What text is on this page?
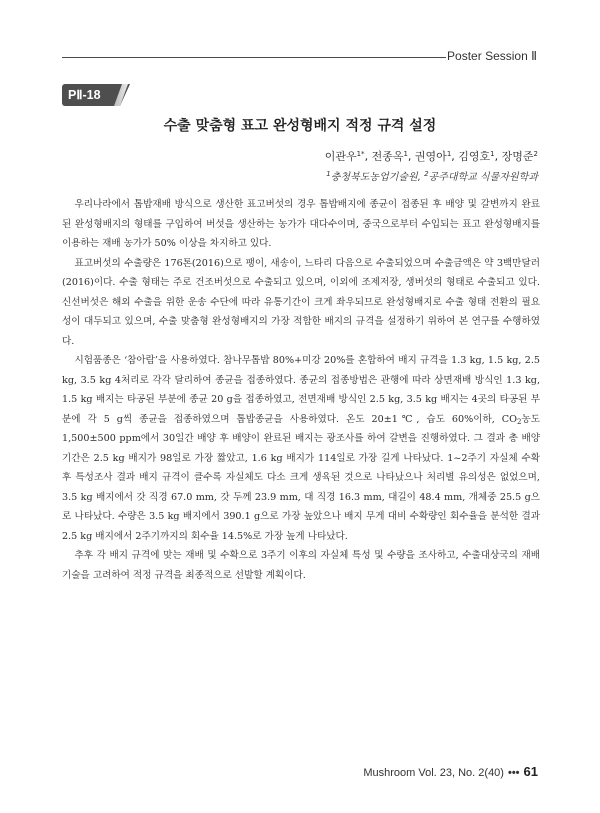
Poster Session Ⅱ
PⅡ-18
수출 맞춤형 표고 완성형배지 적정 규격 설정
이관우$^{1*}$, 전종옥$^1$, 권영아$^1$, 김영호$^1$, 장명준$^2$
$^1$충청북도농업기술원, $^2$공주대학교 식물자원학과

우리나라에서 톱밥재배 방식으로 생산한 표고버섯의 경우 톱밥배지에 종균이 접종된 후 배양 및 갈변까지 완료된 완성형배지의 형태를 구입하여 버섯을 생산하는 농가가 대다수이며, 중국으로부터 수입되는 표고 완성형배지를 이용하는 재배 농가가 50% 이상을 차지하고 있다.

표고버섯의 수출량은 176톤(2016)으로 팽이, 새송이, 느타리 다음으로 수출되었으며 수출금액은 약 3백만달러(2016)이다. 수출 형태는 주로 건조버섯으로 수출되고 있으며, 이외에 조제저장, 생버섯의 형태로 수출되고 있다. 신선버섯은 해외 수출을 위한 운송 수단에 따라 유통기간이 크게 좌우되므로 완성형배지로 수출 형태 전환의 필요성이 대두되고 있으며, 수출 맞춤형 완성형배지의 가장 적합한 배지의 규격을 설정하기 위하여 본 연구를 수행하였다.

시험품종은 ‘참아람’을 사용하였다. 참나무톱밥 80%+미강 20%를 혼합하여 배지 규격을 1.3 kg, 1.5 kg, 2.5 kg, 3.5 kg 4처리로 각각 달리하여 종균을 접종하였다. 종균의 접종방법은 관행에 따라 상면재배 방식인 1.3 kg, 1.5 kg 배지는 타공된 부분에 종균 20 g을 접종하였고, 전면재배 방식인 2.5 kg, 3.5 kg 배지는 4곳의 타공된 부분에 각 5 g씩 종균을 접종하였으며 톱밥종균을 사용하였다. 온도 20±1℃, 습도 60%이하, $CO_2$농도 1,500±500 ppm에서 30일간 배양 후 배양이 완료된 배지는 광조사를 하여 갈변을 진행하였다. 그 결과 총 배양기간은 2.5 kg 배지가 98일로 가장 짧았고, 1.6 kg 배지가 114일로 가장 길게 나타났다. 1~2주기 자실체 수확 후 특성조사 결과 배지 규격이 클수록 자실체도 다소 크게 생육된 것으로 나타났으나 처리별 유의성은 없었으며, 3.5 kg 배지에서 갓 직경 67.0 mm, 갓 두께 23.9 mm, 대 직경 16.3 mm, 대길이 48.4 mm, 개체중 25.5 g으로 나타났다. 수량은 3.5 kg 배지에서 390.1 g으로 가장 높았으나 배지 무게 대비 수확량인 회수율을 분석한 결과 2.5 kg 배지에서 2주기까지의 회수율 14.5%로 가장 높게 나타났다.

추후 각 배지 규격에 맞는 재배 및 수확으로 3주기 이후의 자실체 특성 및 수량을 조사하고, 수출대상국의 재배기술을 고려하여 적정 규격을 최종적으로 선발할 계획이다.

Mushroom Vol. 23, No. 2(40) ••• 61
